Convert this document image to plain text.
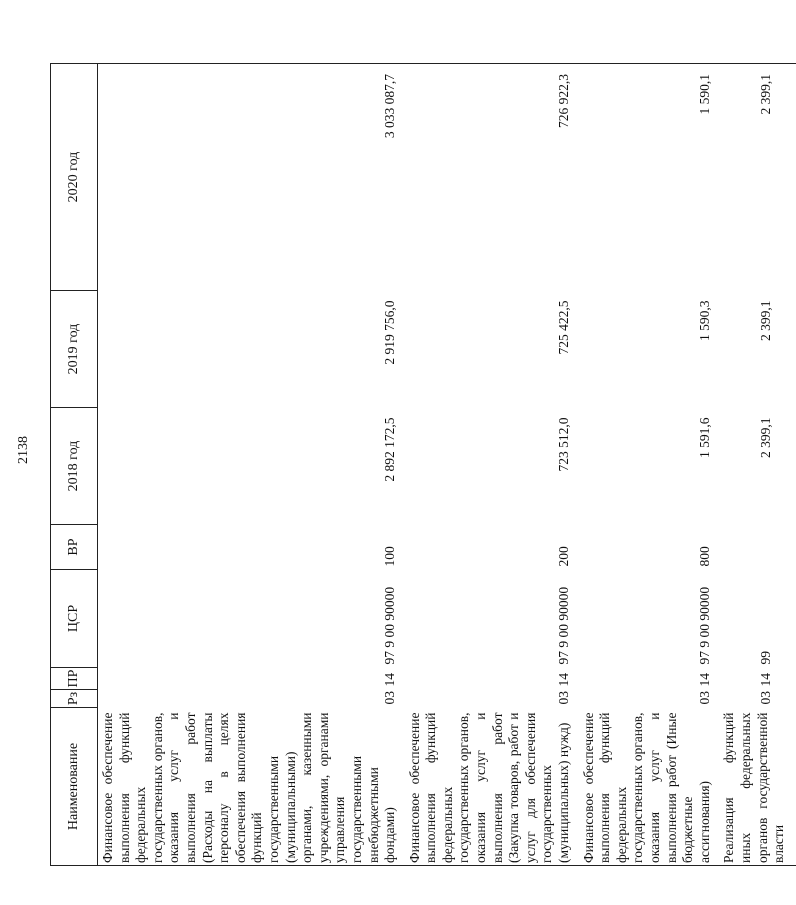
2138
Наименование	Рз	ПР	ЦСР	ВР	2018 год	2019 год	2020 год
Финансовое обеспечение выполнения функций федеральных государственных органов, оказания услуг и выполнения работ (Расходы на выплаты персоналу в целях обеспечения выполнения функций государственными (муниципальными) органами, казенными учреждениями, органами управления государственными внебюджетными фондами)	03	14	97 9 00 90000	100	2 892 172,5	2 919 756,0	3 033 087,7
Финансовое обеспечение выполнения функций федеральных государственных органов, оказания услуг и выполнения работ (Закупка товаров, работ и услуг для обеспечения государственных (муниципальных) нужд)	03	14	97 9 00 90000	200	723 512,0	725 422,5	726 922,3
Финансовое обеспечение выполнения функций федеральных государственных органов, оказания услуг и выполнения работ (Иные бюджетные ассигнования)	03	14	97 9 00 90000	800	1 591,6	1 590,3	1 590,1
Реализация функций иных федеральных органов государственной власти	03	14	99		2 399,1	2 399,1	2 399,1
